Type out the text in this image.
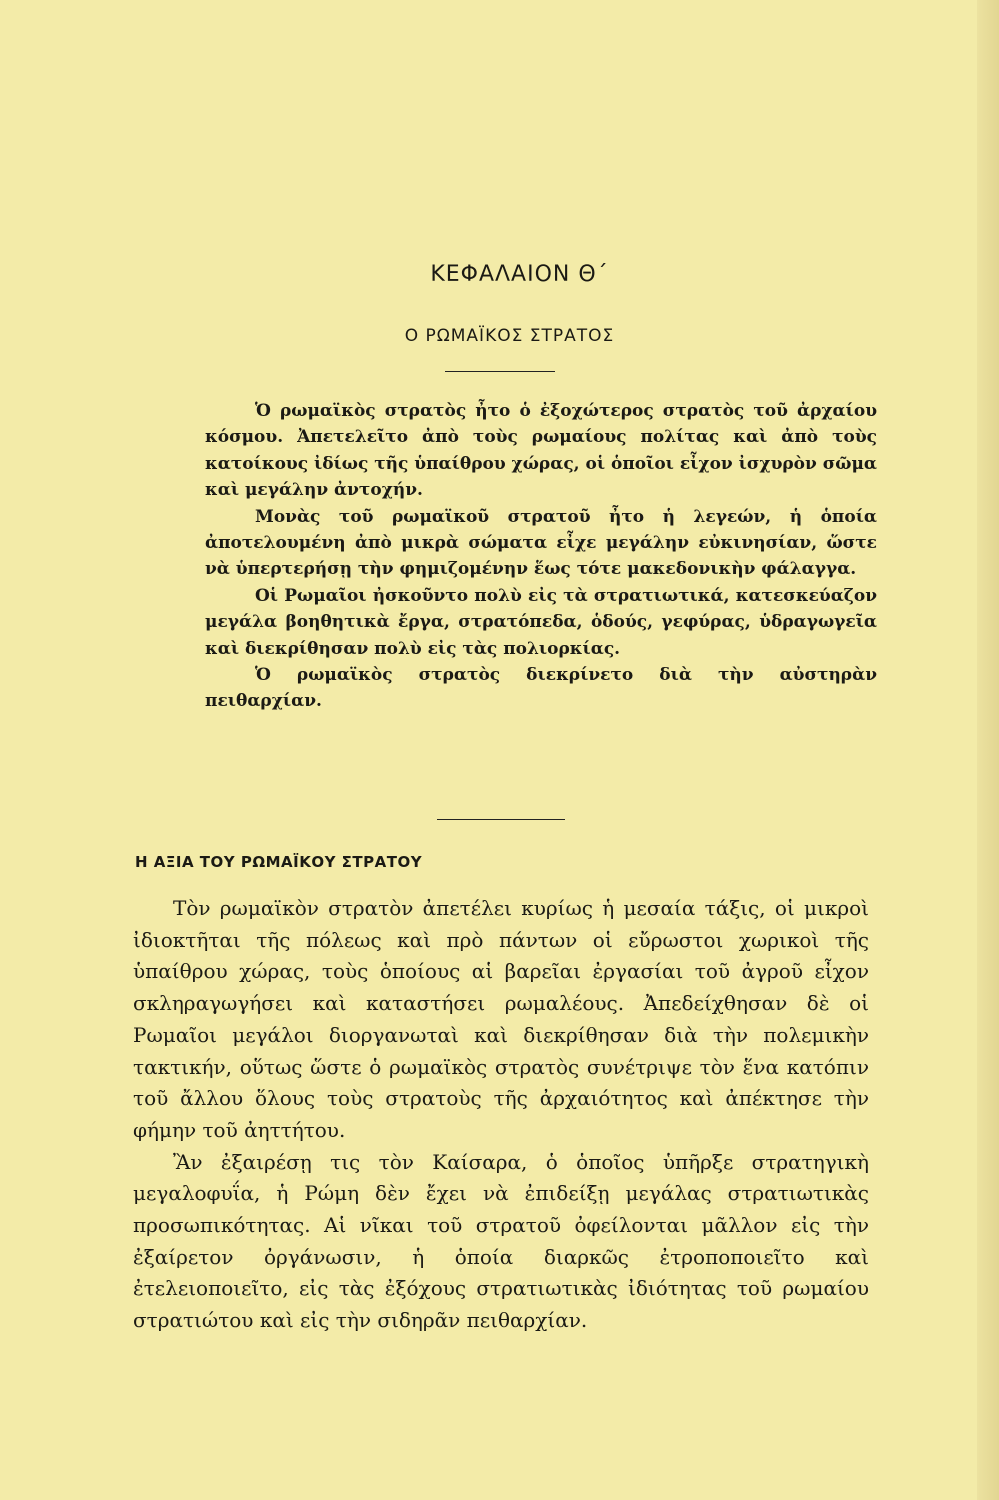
ΚΕΦΑΛΑΙΟΝ Θ΄
Ο ΡΩΜΑΪΚΟΣ ΣΤΡΑΤΟΣ

Ὁ ρωμαϊκὸς στρατὸς ἦτο ὁ ἐξοχώτερος στρατὸς τοῦ ἀρχαίου κόσμου. Ἀπετελεῖτο ἀπὸ τοὺς ρωμαίους πολίτας καὶ ἀπὸ τοὺς κατοίκους ἰδίως τῆς ὑπαίθρου χώρας, οἱ ὁποῖοι εἶχον ἰσχυρὸν σῶμα καὶ μεγάλην ἀντοχήν.

Μονὰς τοῦ ρωμαϊκοῦ στρατοῦ ἦτο ἡ λεγεών, ἡ ὁποία ἀποτελουμένη ἀπὸ μικρὰ σώματα εἶχε μεγάλην εὐκινησίαν, ὥστε νὰ ὑπερτερήσῃ τὴν φημιζομένην ἕως τότε μακεδονικὴν φάλαγγα.

Οἱ Ρωμαῖοι ἠσκοῦντο πολὺ εἰς τὰ στρατιωτικά, κατεσκεύαζον μεγάλα βοηθητικὰ ἔργα, στρατόπεδα, ὁδούς, γεφύρας, ὑδραγωγεῖα καὶ διεκρίθησαν πολὺ εἰς τὰς πολιορκίας.

Ὁ ρωμαϊκὸς στρατὸς διεκρίνετο διὰ τὴν αὐστηρὰν πειθαρχίαν.

Η ΑΞΙΑ ΤΟΥ ΡΩΜΑΪΚΟΥ ΣΤΡΑΤΟΥ

Τὸν ρωμαϊκὸν στρατὸν ἀπετέλει κυρίως ἡ μεσαία τάξις, οἱ μικροὶ ἰδιοκτῆται τῆς πόλεως καὶ πρὸ πάντων οἱ εὔρωστοι χωρικοὶ τῆς ὑπαίθρου χώρας, τοὺς ὁποίους αἱ βαρεῖαι ἐργασίαι τοῦ ἀγροῦ εἶχον σκληραγωγήσει καὶ καταστήσει ρωμαλέους. Ἀπεδείχθησαν δὲ οἱ Ρωμαῖοι μεγάλοι διοργανωταὶ καὶ διεκρίθησαν διὰ τὴν πολεμικὴν τακτικήν, οὕτως ὥστε ὁ ρωμαϊκὸς στρατὸς συνέτριψε τὸν ἕνα κατόπιν τοῦ ἄλλου ὅλους τοὺς στρατοὺς τῆς ἀρχαιότητος καὶ ἀπέκτησε τὴν φήμην τοῦ ἀηττήτου.

Ἂν ἐξαιρέσῃ τις τὸν Καίσαρα, ὁ ὁποῖος ὑπῆρξε στρατηγικὴ μεγαλοφυΐα, ἡ Ρώμη δὲν ἔχει νὰ ἐπιδείξῃ μεγάλας στρατιωτικὰς προσωπικότητας. Αἱ νῖκαι τοῦ στρατοῦ ὀφείλονται μᾶλλον εἰς τὴν ἐξαίρετον ὀργάνωσιν, ἡ ὁποία διαρκῶς ἐτροποποιεῖτο καὶ ἐτελειοποιεῖτο, εἰς τὰς ἐξόχους στρατιωτικὰς ἰδιότητας τοῦ ρωμαίου στρατιώτου καὶ εἰς τὴν σιδηρᾶν πειθαρχίαν.
